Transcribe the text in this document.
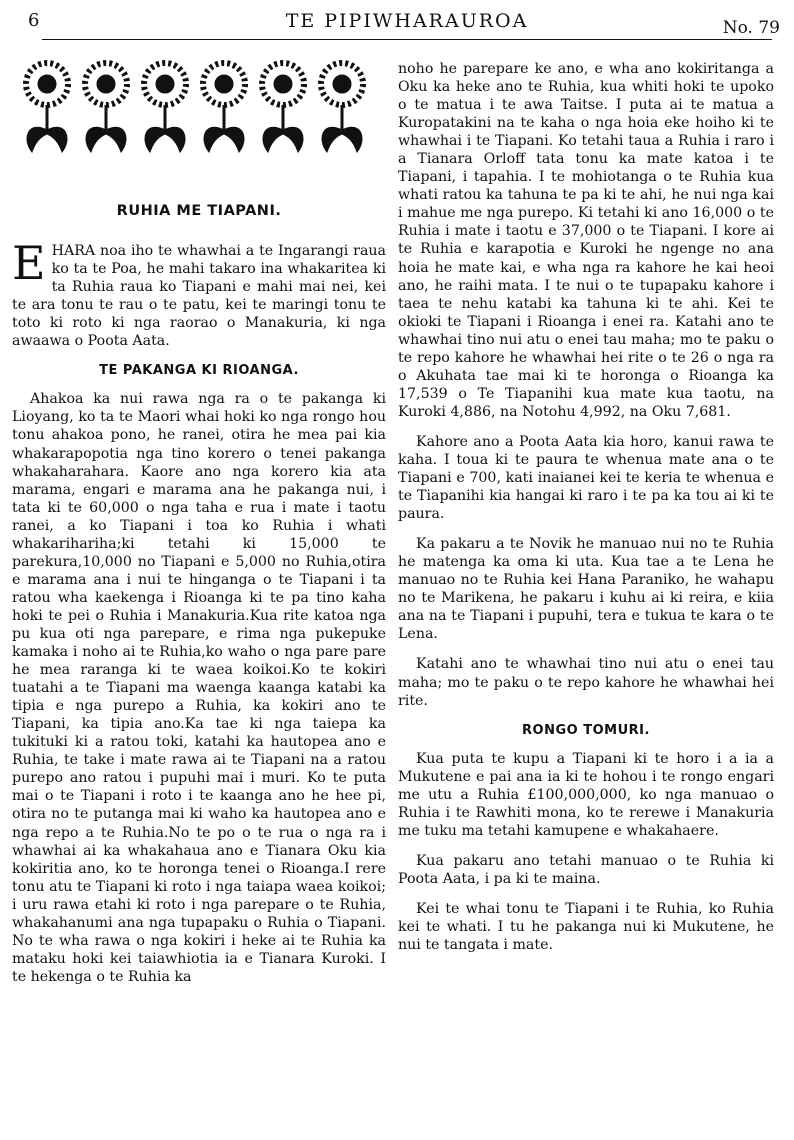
6	TE PIPIWHARAUROA	No. 79
RUHIA ME TIAPANI.

EHARA noa iho te whawhai a te Ingarangi raua ko ta te Poa, he mahi takaro ina whakaritea ki ta Ruhia raua ko Tiapani e mahi mai nei, kei te ara tonu te rau o te patu, kei te maringi tonu te toto ki roto ki nga raorao o Manakuria, ki nga awaawa o Poota Aata.

TE PAKANGA KI RIOANGA.

Ahakoa ka nui rawa nga ra o te pakanga ki Lioyang, ko ta te Maori whai hoki ko nga rongo hou tonu ahakoa pono, he ranei, otira he mea pai kia whakarapopotia nga tino korero o tenei pakanga whakaharahara. Kaore ano nga korero kia ata marama, engari e marama ana he pakanga nui, i tata ki te 60,000 o nga taha e rua i mate i taotu ranei, a ko Tiapani i toa ko Ruhia i whati whakarihariha;ki tetahi ki 15,000 te parekura,10,000 no Tiapani e 5,000 no Ruhia,otira e marama ana i nui te hinganga o te Tiapani i ta ratou wha kaekenga i Rioanga ki te pa tino kaha hoki te pei o Ruhia i Manakuria.Kua rite katoa nga pu kua oti nga parepare, e rima nga pukepuke kamaka i noho ai te Ruhia,ko waho o nga pare pare he mea raranga ki te waea koikoi.Ko te kokiri tuatahi a te Tiapani ma waenga kaanga katabi ka tipia e nga purepo a Ruhia, ka kokiri ano te Tiapani, ka tipia ano.Ka tae ki nga taiepa ka tukituki ki a ratou toki, katahi ka hautopea ano e Ruhia, te take i mate rawa ai te Tiapani na a ratou purepo ano ratou i pupuhi mai i muri. Ko te puta mai o te Tiapani i roto i te kaanga ano he hee pi, otira no te putanga mai ki waho ka hautopea ano e nga repo a te Ruhia.No te po o te rua o nga ra i whawhai ai ka whakahaua ano e Tianara Oku kia kokiritia ano, ko te horonga tenei o Rioanga.I rere tonu atu te Tiapani ki roto i nga taiapa waea koikoi; i uru rawa etahi ki roto i nga parepare o te Ruhia, whakahanumi ana nga tupapaku o Ruhia o Tiapani. No te wha rawa o nga kokiri i heke ai te Ruhia ka mataku hoki kei taiawhiotia ia e Tianara Kuroki. I te hekenga o te Ruhia ka

noho he parepare ke ano, e wha ano kokiritanga a Oku ka heke ano te Ruhia, kua whiti hoki te upoko o te matua i te awa Taitse. I puta ai te matua a Kuropatakini na te kaha o nga hoia eke hoiho ki te whawhai i te Tiapani. Ko tetahi taua a Ruhia i raro i a Tianara Orloff tata tonu ka mate katoa i te Tiapani, i tapahia. I te mohiotanga o te Ruhia kua whati ratou ka tahuna te pa ki te ahi, he nui nga kai i mahue me nga purepo. Ki tetahi ki ano 16,000 o te Ruhia i mate i taotu e 37,000 o te Tiapani. I kore ai te Ruhia e karapotia e Kuroki he ngenge no ana hoia he mate kai, e wha nga ra kahore he kai heoi ano, he raihi mata. I te nui o te tupapaku kahore i taea te nehu katabi ka tahuna ki te ahi. Kei te okioki te Tiapani i Rioanga i enei ra. Katahi ano te whawhai tino nui atu o enei tau maha; mo te paku o te repo kahore he whawhai hei rite o te 26 o nga ra o Akuhata tae mai ki te horonga o Rioanga ka 17,539 o Te Tiapanihi kua mate kua taotu, na Kuroki 4,886, na Notohu 4,992, na Oku 7,681.

Kahore ano a Poota Aata kia horo, kanui rawa te kaha. I toua ki te paura te whenua mate ana o te Tiapani e 700, kati inaianei kei te keria te whenua e te Tiapanihi kia hangai ki raro i te pa ka tou ai ki te paura.

Ka pakaru a te Novik he manuao nui no te Ruhia he matenga ka oma ki uta. Kua tae a te Lena he manuao no te Ruhia kei Hana Paraniko, he wahapu no te Marikena, he pakaru i kuhu ai ki reira, e kiia ana na te Tiapani i pupuhi, tera e tukua te kara o te Lena.

Katahi ano te whawhai tino nui atu o enei tau maha; mo te paku o te repo kahore he whawhai hei rite.

RONGO TOMURI.

Kua puta te kupu a Tiapani ki te horo i a ia a Mukutene e pai ana ia ki te hohou i te rongo engari me utu a Ruhia £100,000,000, ko nga manuao o Ruhia i te Rawhiti mona, ko te rerewe i Manakuria me tuku ma tetahi kamupene e whakahaere.

Kua pakaru ano tetahi manuao o te Ruhia ki Poota Aata, i pa ki te maina.

Kei te whai tonu te Tiapani i te Ruhia, ko Ruhia kei te whati. I tu he pakanga nui ki Mukutene, he nui te tangata i mate.
